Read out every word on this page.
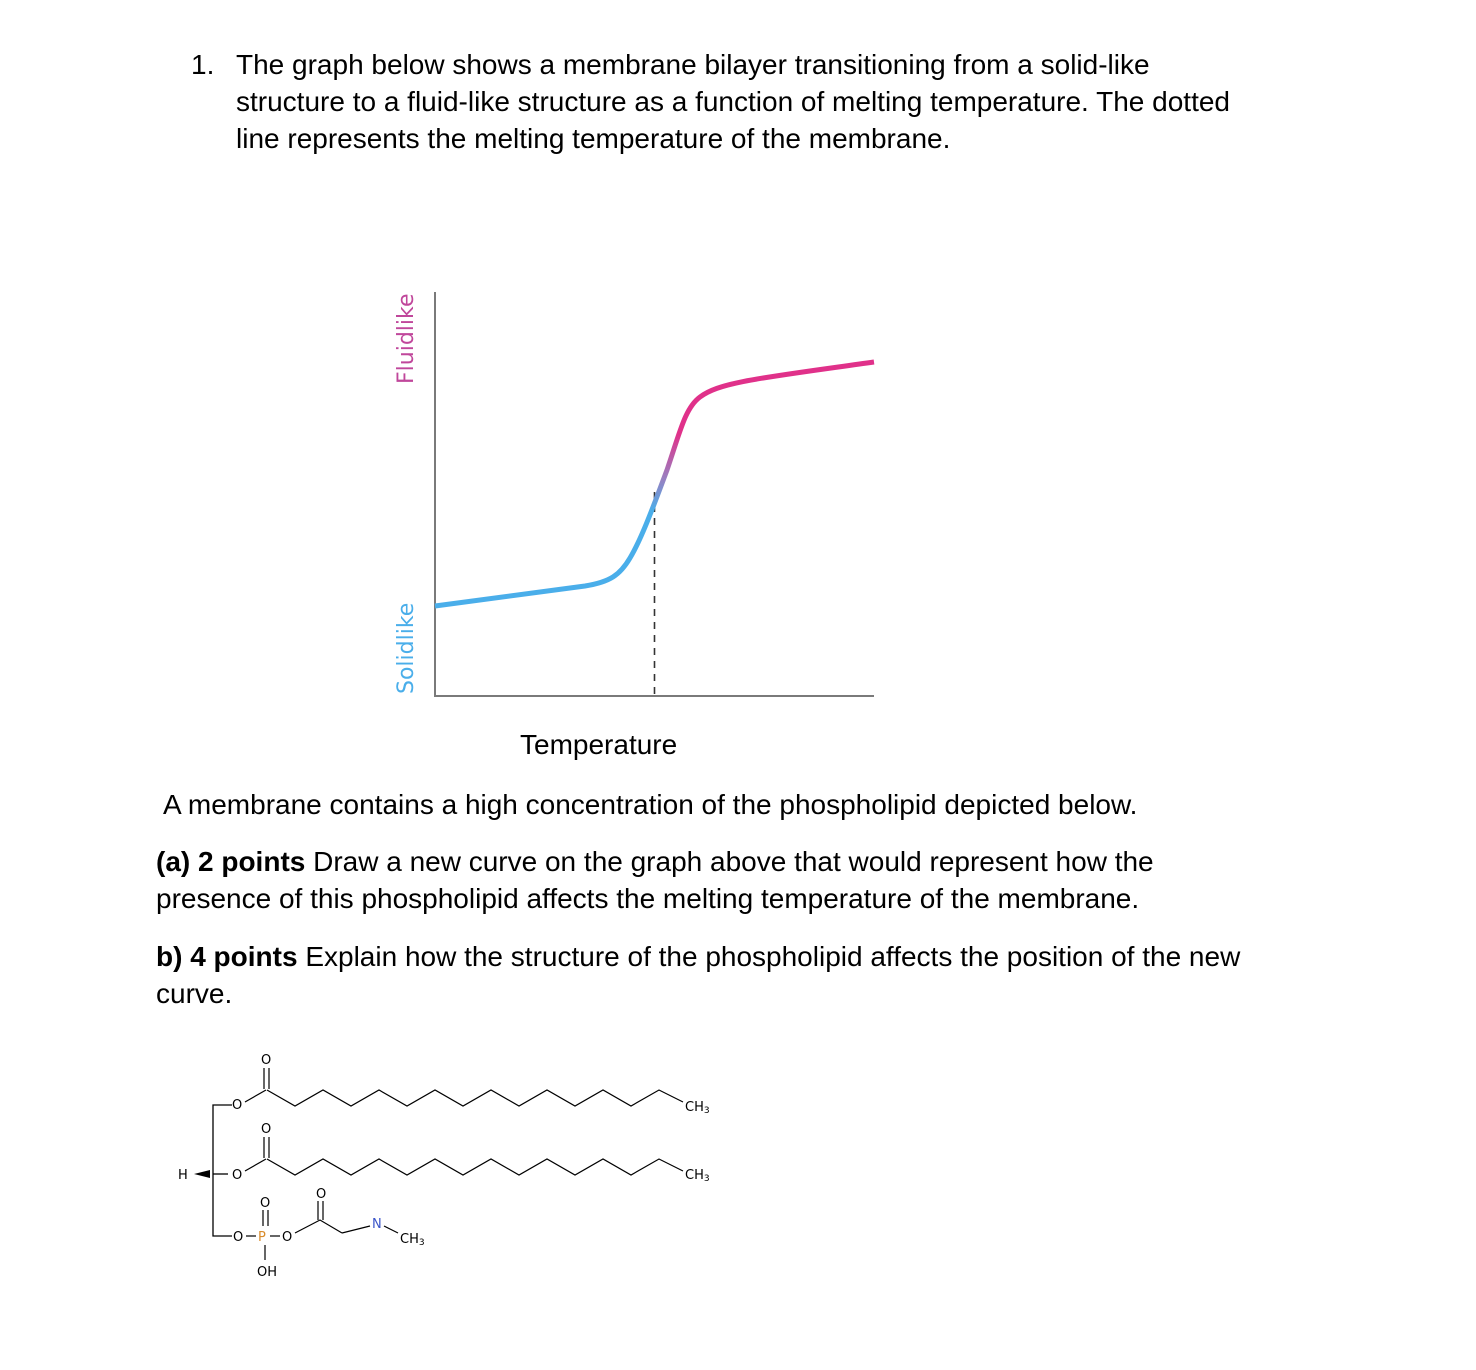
1. The graph below shows a membrane bilayer transitioning from a solid-like
structure to a fluid-like structure as a function of melting temperature. The dotted
line represents the melting temperature of the membrane.
Fluidlike
Solidlike
Temperature
A membrane contains a high concentration of the phospholipid depicted below.
(a) 2 points Draw a new curve on the graph above that would represent how the
presence of this phospholipid affects the melting temperature of the membrane.
b) 4 points Explain how the structure of the phospholipid affects the position of the new
curve.
H
O
O
CH3
O
O
CH3
O P
O
OH
O
O
N
CH3
